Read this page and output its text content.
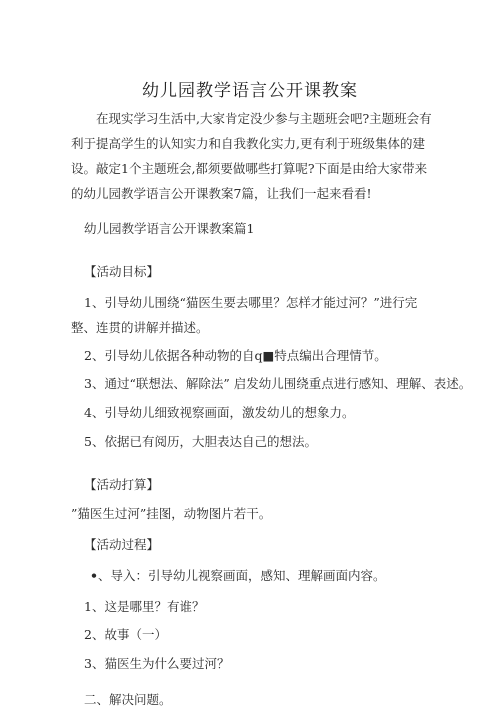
幼儿园教学语言公开课教案
在现实学习生活中,大家肯定没少参与主题班会吧?主题班会有利于提高学生的认知实力和自我教化实力,更有利于班级集体的建设。敲定1个主题班会,都须要做哪些打算呢?下面是由给大家带来的幼儿园教学语言公开课教案7篇，让我们一起来看看!
幼儿园教学语言公开课教案篇1
【活动目标】
1、引导幼儿围绕“猫医生要去哪里？怎样才能过河？”进行完整、连贯的讲解并描述。
2、引导幼儿依据各种动物的自q■特点编出合理情节。
3、通过“联想法、解除法” 启发幼儿围绕重点进行感知、理解、表述。
4、引导幼儿细致视察画面，激发幼儿的想象力。
5、依据已有阅历，大胆表达自己的想法。
【活动打算】
”猫医生过河”挂图，动物图片若干。
【活动过程】
•、导入：引导幼儿视察画面，感知、理解画面内容。
1、这是哪里？有谁？
2、故事（一）
3、猫医生为什么要过河？
二、解决问题。
